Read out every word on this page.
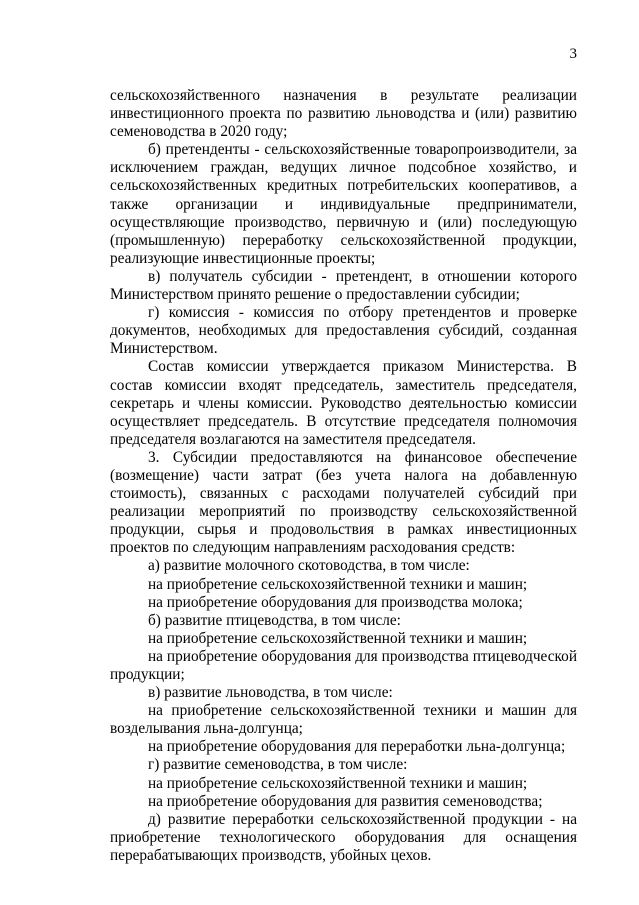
3

сельскохозяйственного назначения в результате реализации инвестиционного проекта по развитию льноводства и (или) развитию семеноводства в 2020 году;

б) претенденты - сельскохозяйственные товаропроизводители, за исключением граждан, ведущих личное подсобное хозяйство, и сельскохозяйственных кредитных потребительских кооперативов, а также организации и индивидуальные предприниматели, осуществляющие производство, первичную и (или) последующую (промышленную) переработку сельскохозяйственной продукции, реализующие инвестиционные проекты;

в) получатель субсидии - претендент, в отношении которого Министерством принято решение о предоставлении субсидии;

г) комиссия - комиссия по отбору претендентов и проверке документов, необходимых для предоставления субсидий, созданная Министерством.

Состав комиссии утверждается приказом Министерства. В состав комиссии входят председатель, заместитель председателя, секретарь и члены комиссии. Руководство деятельностью комиссии осуществляет председатель. В отсутствие председателя полномочия председателя возлагаются на заместителя председателя.

3. Субсидии предоставляются на финансовое обеспечение (возмещение) части затрат (без учета налога на добавленную стоимость), связанных с расходами получателей субсидий при реализации мероприятий по производству сельскохозяйственной продукции, сырья и продовольствия в рамках инвестиционных проектов по следующим направлениям расходования средств:

а) развитие молочного скотоводства, в том числе:

на приобретение сельскохозяйственной техники и машин;

на приобретение оборудования для производства молока;

б) развитие птицеводства, в том числе:

на приобретение сельскохозяйственной техники и машин;

на приобретение оборудования для производства птицеводческой продукции;

в) развитие льноводства, в том числе:

на приобретение сельскохозяйственной техники и машин для возделывания льна-долгунца;

на приобретение оборудования для переработки льна-долгунца;

г) развитие семеноводства, в том числе:

на приобретение сельскохозяйственной техники и машин;

на приобретение оборудования для развития семеноводства;

д) развитие переработки сельскохозяйственной продукции - на приобретение технологического оборудования для оснащения перерабатывающих производств, убойных цехов.
